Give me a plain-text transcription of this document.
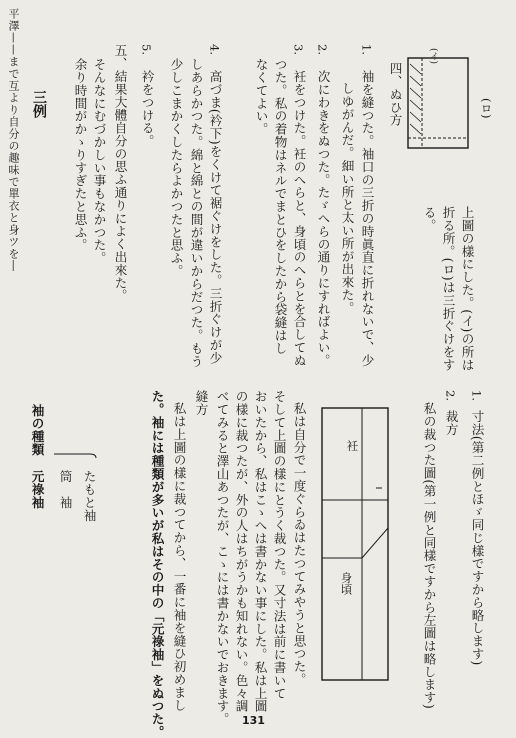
平澤——まで互より自分の趣味で單衣と身ツを―	四、ぬひ方
1.
袖を縫つた。袖口の三折の時眞直に折れないで、少
しゆがんだ。細い所と太い所が出來た。
2.
次にわきをぬつた。たゞへらの通りにすればよい。
3.
衽をつけた。衽のへらと、身頃のへらとを合してぬ
つた。私の着物はネルでまとひをしたから袋縫はし
なくてよい。
4.
高づま(衿下)をくけて裾ぐけをした。三折ぐけが少
しあらかつた。綿と綿との間が違いからだつた。もう
少しこまかくしたらよかつたと思ふ。
5.
衿をつける。
五、結果大體自分の思ふ通りによく出來た。
そんなにむづかしい事もなかつた。
余り時間がかゝりすぎたと思ふ。
三例	(ロ)
(イ)
上圖の樣にした。(イ)の所は
折る所。(ロ)は三折ぐけをす
る。
1.
寸法(第二例とほゞ同じ樣ですから略します)
2.
裁方
私の裁つた圖(第一例と同樣ですから左圖は略します)
衽
身頃
私は自分で一度ぐらゐはたつてみやうと思つた。
そして上圖の樣にとうく裁つた。又寸法は前に書いて
おいたから、私はこゝへは書かない事にした。私は上圖
の樣に裁つたが、外の人はちがうかも知れない。色々調
べてみると澤山あつたが、こゝには書かないでおきます。
縫方
私は上圖の樣に裁つてから、一番に袖を縫ひ初めまし
た。袖には種類が多いが私はその中の「元祿袖」をぬつた。
袖の種類
たもと袖
筒　袖
元祿袖
131
